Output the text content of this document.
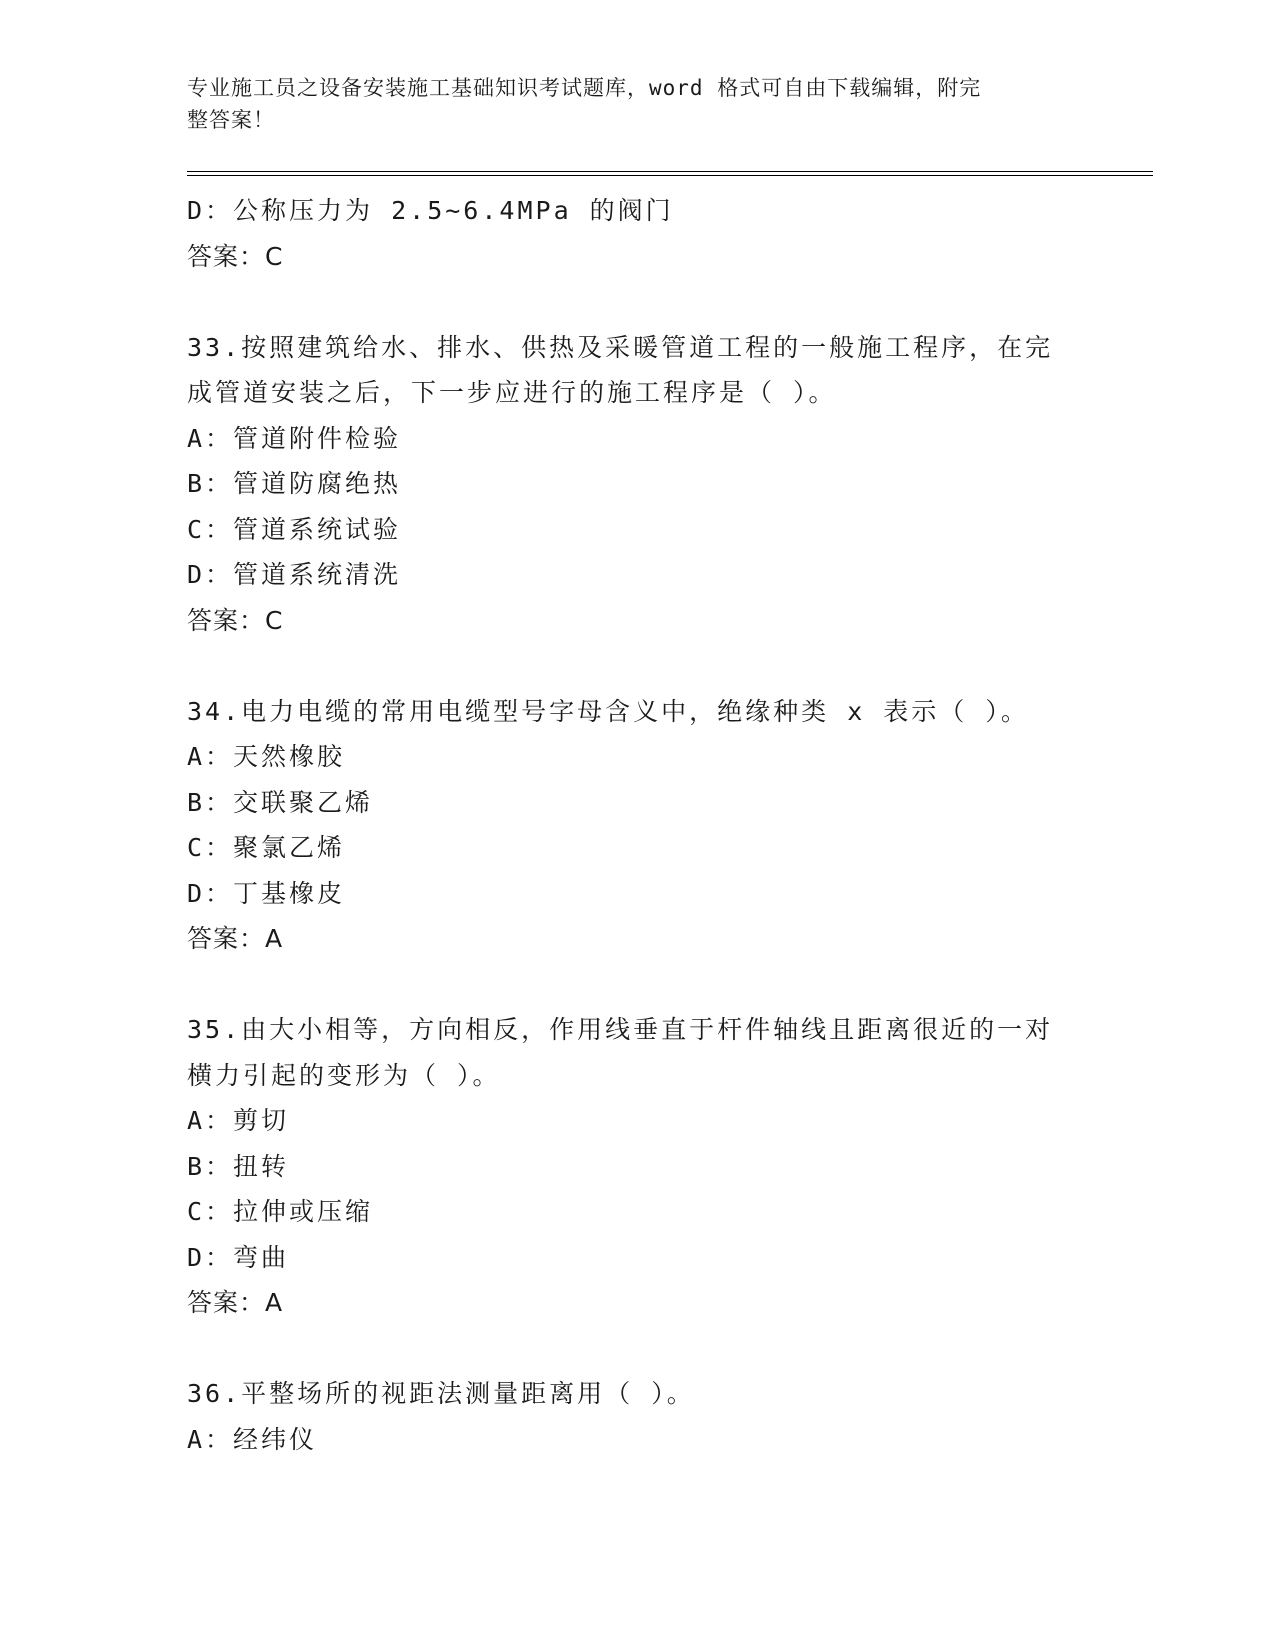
专业施工员之设备安装施工基础知识考试题库，word 格式可自由下载编辑，附完
整答案！
D：公称压力为 2.5~6.4MPa 的阀门
答案：C
33.按照建筑给水、排水、供热及采暖管道工程的一般施工程序，在完
成管道安装之后，下一步应进行的施工程序是（ ）。
A：管道附件检验
B：管道防腐绝热
C：管道系统试验
D：管道系统清洗
答案：C
34.电力电缆的常用电缆型号字母含义中，绝缘种类 x 表示（ ）。
A：天然橡胶
B：交联聚乙烯
C：聚氯乙烯
D：丁基橡皮
答案：A
35.由大小相等，方向相反，作用线垂直于杆件轴线且距离很近的一对
横力引起的变形为（ ）。
A：剪切
B：扭转
C：拉伸或压缩
D：弯曲
答案：A
36.平整场所的视距法测量距离用（ ）。
A：经纬仪
